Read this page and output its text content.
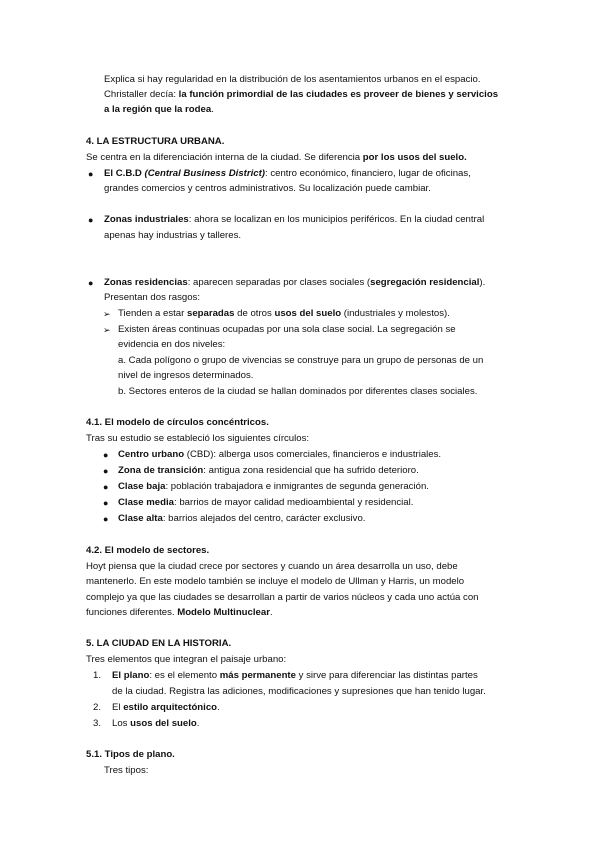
Explica si hay regularidad en la distribución de los asentamientos urbanos en el espacio.
Christaller decía: la función primordial de las ciudades es proveer de bienes y servicios
a la región que la rodea.
4. LA ESTRUCTURA URBANA.
Se centra en la diferenciación interna de la ciudad. Se diferencia por los usos del suelo.
● El C.B.D (Central Business District): centro económico, financiero, lugar de oficinas,
grandes comercios y centros administrativos. Su localización puede cambiar.
● Zonas industriales: ahora se localizan en los municipios periféricos. En la ciudad central
apenas hay industrias y talleres.
● Zonas residencias: aparecen separadas por clases sociales (segregación residencial).
Presentan dos rasgos:
➢ Tienden a estar separadas de otros usos del suelo (industriales y molestos).
➢ Existen áreas continuas ocupadas por una sola clase social. La segregación se
evidencia en dos niveles:
a. Cada polígono o grupo de vivencias se construye para un grupo de personas de un
nivel de ingresos determinados.
b. Sectores enteros de la ciudad se hallan dominados por diferentes clases sociales.
4.1. El modelo de círculos concéntricos.
Tras su estudio se estableció los siguientes círculos:
● Centro urbano (CBD): alberga usos comerciales, financieros e industriales.
● Zona de transición: antigua zona residencial que ha sufrido deterioro.
● Clase baja: población trabajadora e inmigrantes de segunda generación.
● Clase media: barrios de mayor calidad medioambiental y residencial.
● Clase alta: barrios alejados del centro, carácter exclusivo.
4.2. El modelo de sectores.
Hoyt piensa que la ciudad crece por sectores y cuando un área desarrolla un uso, debe
mantenerlo. En este modelo también se incluye el modelo de Ullman y Harris, un modelo
complejo ya que las ciudades se desarrollan a partir de varios núcleos y cada uno actúa con
funciones diferentes. Modelo Multinuclear.
5. LA CIUDAD EN LA HISTORIA.
Tres elementos que integran el paisaje urbano:
1. El plano: es el elemento más permanente y sirve para diferenciar las distintas partes
de la ciudad. Registra las adiciones, modificaciones y supresiones que han tenido lugar.
2. El estilo arquitectónico.
3. Los usos del suelo.
5.1. Tipos de plano.
Tres tipos:
